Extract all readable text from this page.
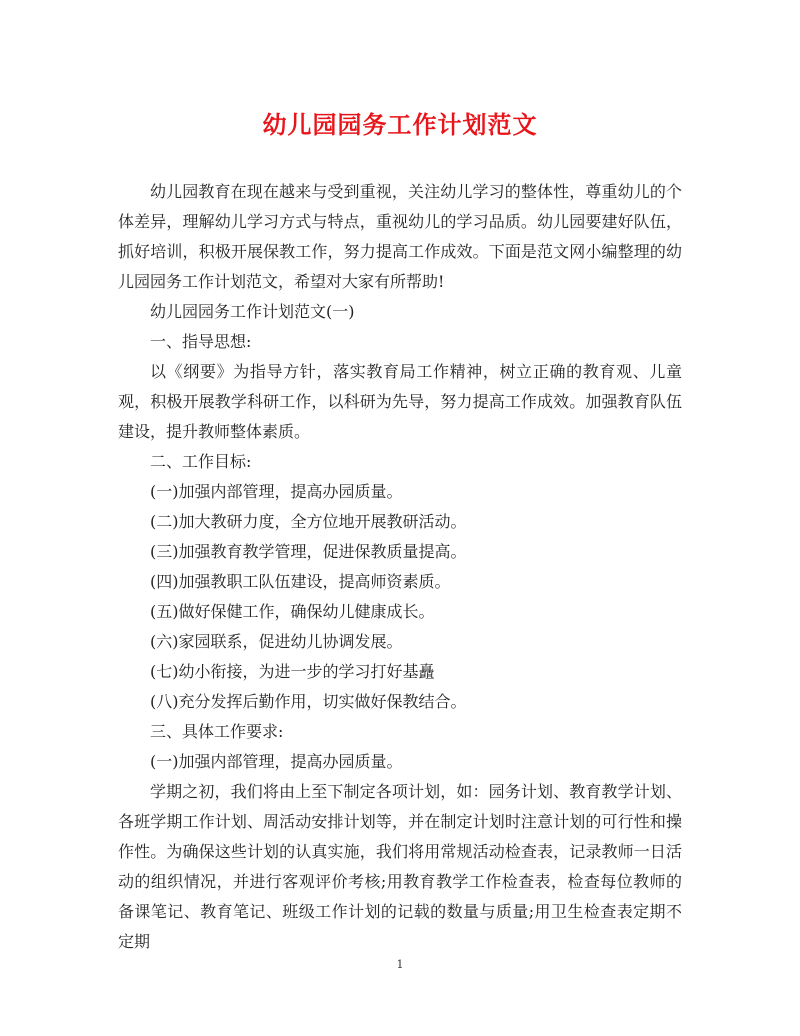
幼儿园园务工作计划范文

幼儿园教育在现在越来与受到重视，关注幼儿学习的整体性，尊重幼儿的个体差异，理解幼儿学习方式与特点，重视幼儿的学习品质。幼儿园要建好队伍，抓好培训，积极开展保教工作，努力提高工作成效。下面是范文网小编整理的幼儿园园务工作计划范文，希望对大家有所帮助!

幼儿园园务工作计划范文(一)

一、指导思想:

以《纲要》为指导方针，落实教育局工作精神，树立正确的教育观、儿童观，积极开展教学科研工作，以科研为先导，努力提高工作成效。加强教育队伍建设，提升教师整体素质。

二、工作目标:

(一)加强内部管理，提高办园质量。

(二)加大教研力度，全方位地开展教研活动。

(三)加强教育教学管理，促进保教质量提高。

(四)加强教职工队伍建设，提高师资素质。

(五)做好保健工作，确保幼儿健康成长。

(六)家园联系，促进幼儿协调发展。

(七)幼小衔接，为进一步的学习打好基矗

(八)充分发挥后勤作用，切实做好保教结合。

三、具体工作要求:

(一)加强内部管理，提高办园质量。

学期之初，我们将由上至下制定各项计划，如：园务计划、教育教学计划、各班学期工作计划、周活动安排计划等，并在制定计划时注意计划的可行性和操作性。为确保这些计划的认真实施，我们将用常规活动检查表，记录教师一日活动的组织情况，并进行客观评价考核;用教育教学工作检查表，检查每位教师的备课笔记、教育笔记、班级工作计划的记载的数量与质量;用卫生检查表定期不定期

1
